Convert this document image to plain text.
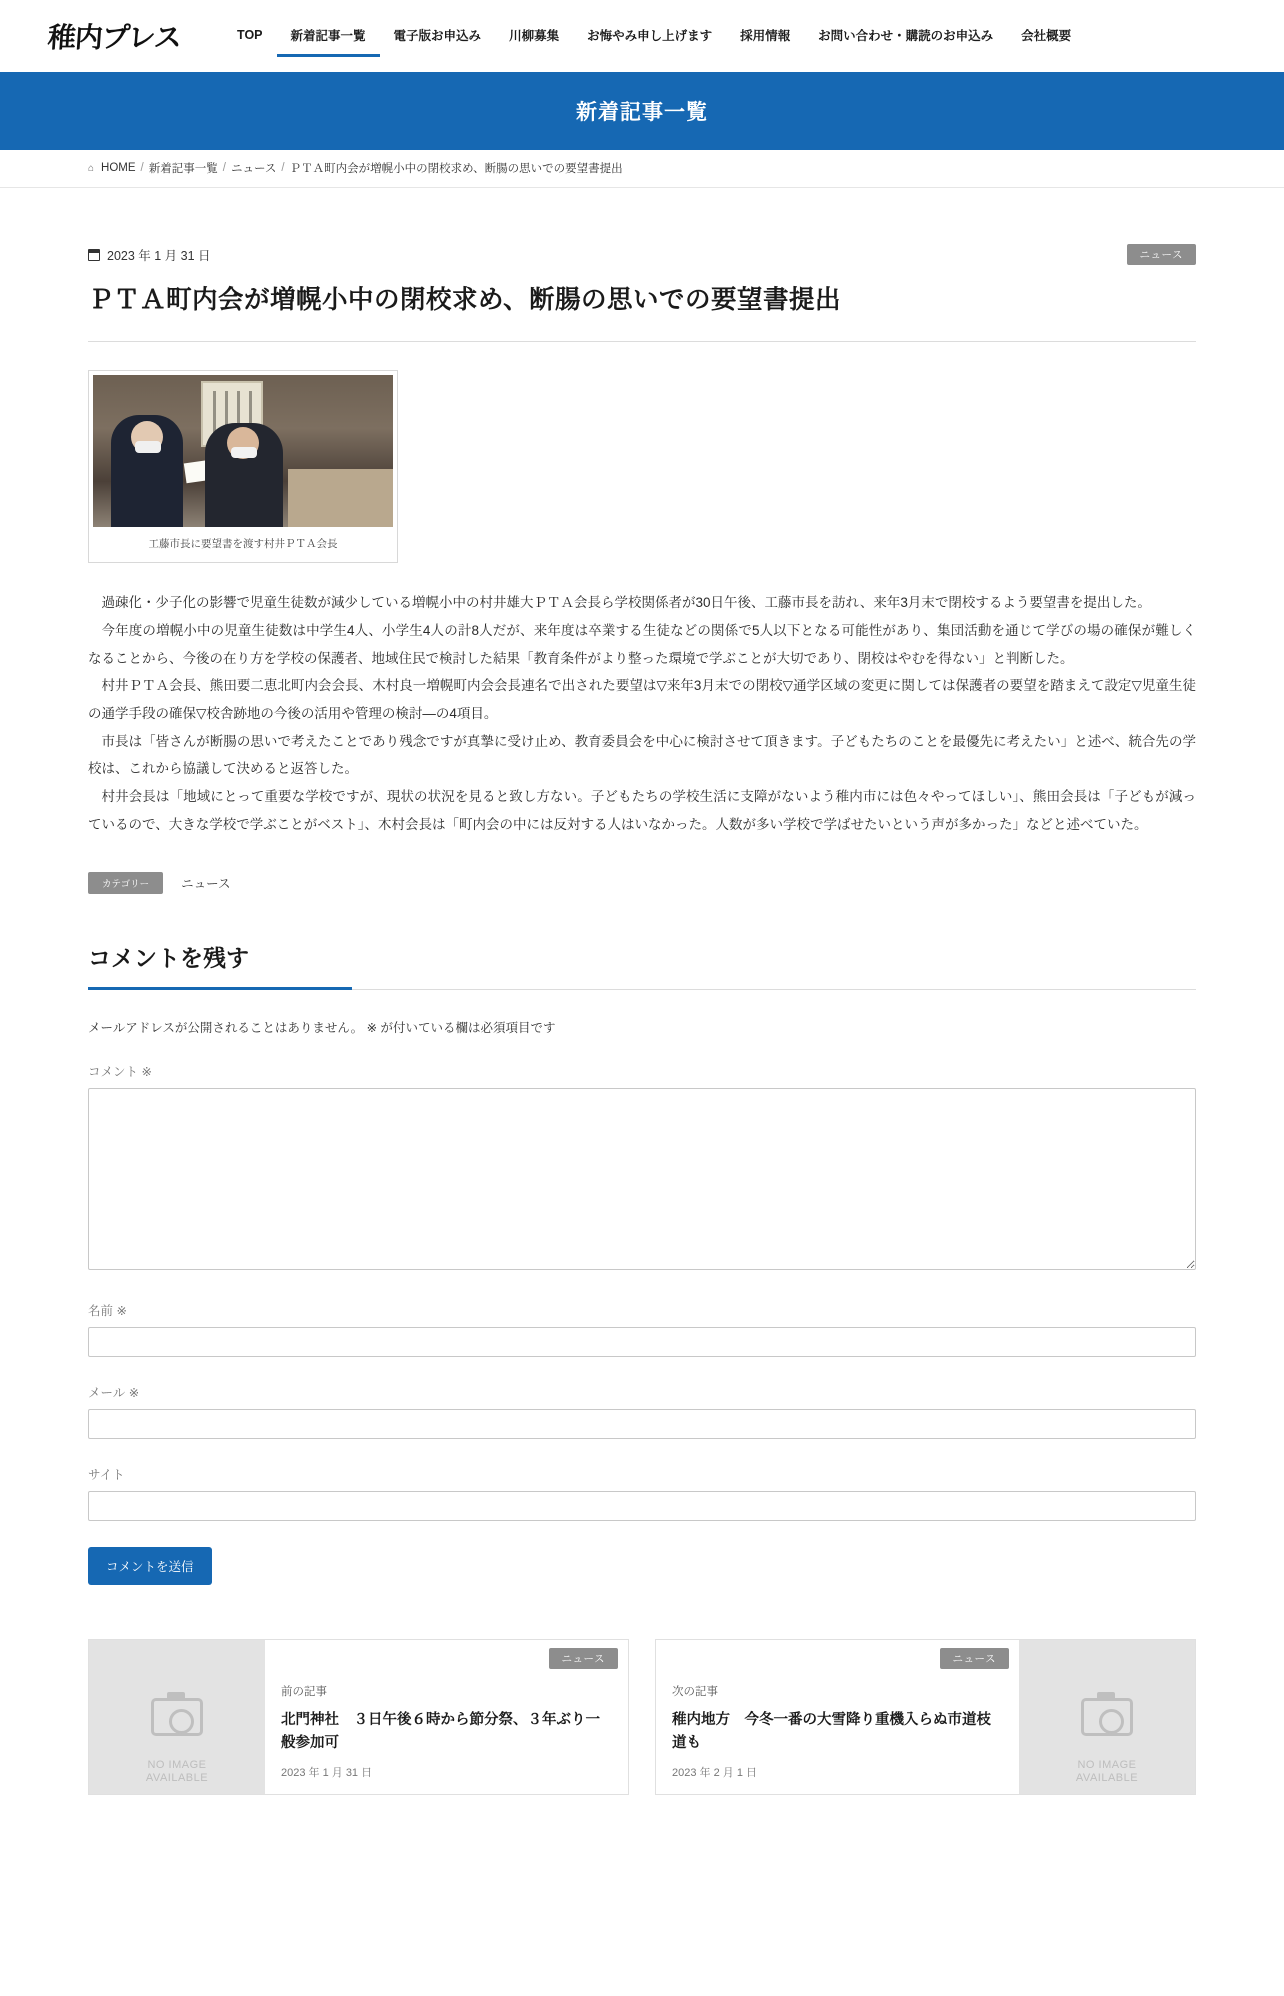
稚内プレス	TOP	新着記事一覧	電子版お申込み	川柳募集	お悔やみ申し上げます	採用情報	お問い合わせ・購読のお申込み	会社概要
新着記事一覧
⌂ HOME / 新着記事一覧 / ニュース / ＰＴＡ町内会が増幌小中の閉校求め、断腸の思いでの要望書提出
2023 年 1 月 31 日	ニュース
ＰＴＡ町内会が増幌小中の閉校求め、断腸の思いでの要望書提出
工藤市長に要望書を渡す村井ＰＴＡ会長

過疎化・少子化の影響で児童生徒数が減少している増幌小中の村井雄大ＰＴＡ会長ら学校関係者が30日午後、工藤市長を訪れ、来年3月末で閉校するよう要望書を提出した。

今年度の増幌小中の児童生徒数は中学生4人、小学生4人の計8人だが、来年度は卒業する生徒などの関係で5人以下となる可能性があり、集団活動を通じて学びの場の確保が難しくなることから、今後の在り方を学校の保護者、地域住民で検討した結果「教育条件がより整った環境で学ぶことが大切であり、閉校はやむを得ない」と判断した。

村井ＰＴＡ会長、熊田要二恵北町内会会長、木村良一増幌町内会会長連名で出された要望は▽来年3月末での閉校▽通学区域の変更に関しては保護者の要望を踏まえて設定▽児童生徒の通学手段の確保▽校舎跡地の今後の活用や管理の検討―の4項目。

市長は「皆さんが断腸の思いで考えたことであり残念ですが真摯に受け止め、教育委員会を中心に検討させて頂きます。子どもたちのことを最優先に考えたい」と述べ、統合先の学校は、これから協議して決めると返答した。

村井会長は「地域にとって重要な学校ですが、現状の状況を見ると致し方ない。子どもたちの学校生活に支障がないよう稚内市には色々やってほしい」、熊田会長は「子どもが減っているので、大きな学校で学ぶことがベスト」、木村会長は「町内会の中には反対する人はいなかった。人数が多い学校で学ばせたいという声が多かった」などと述べていた。

カテゴリー	ニュース
コメントを残す
メールアドレスが公開されることはありません。 ※ が付いている欄は必須項目です
コメント ※
名前 ※
メール ※
サイト
コメントを送信
NO IMAGE
AVAILABLE
ニュース
前の記事
北門神社　３日午後６時から節分祭、３年ぶり一般参加可
2023 年 1 月 31 日
NO IMAGE
AVAILABLE
ニュース
次の記事
稚内地方　今冬一番の大雪降り重機入らぬ市道枝道も
2023 年 2 月 1 日
